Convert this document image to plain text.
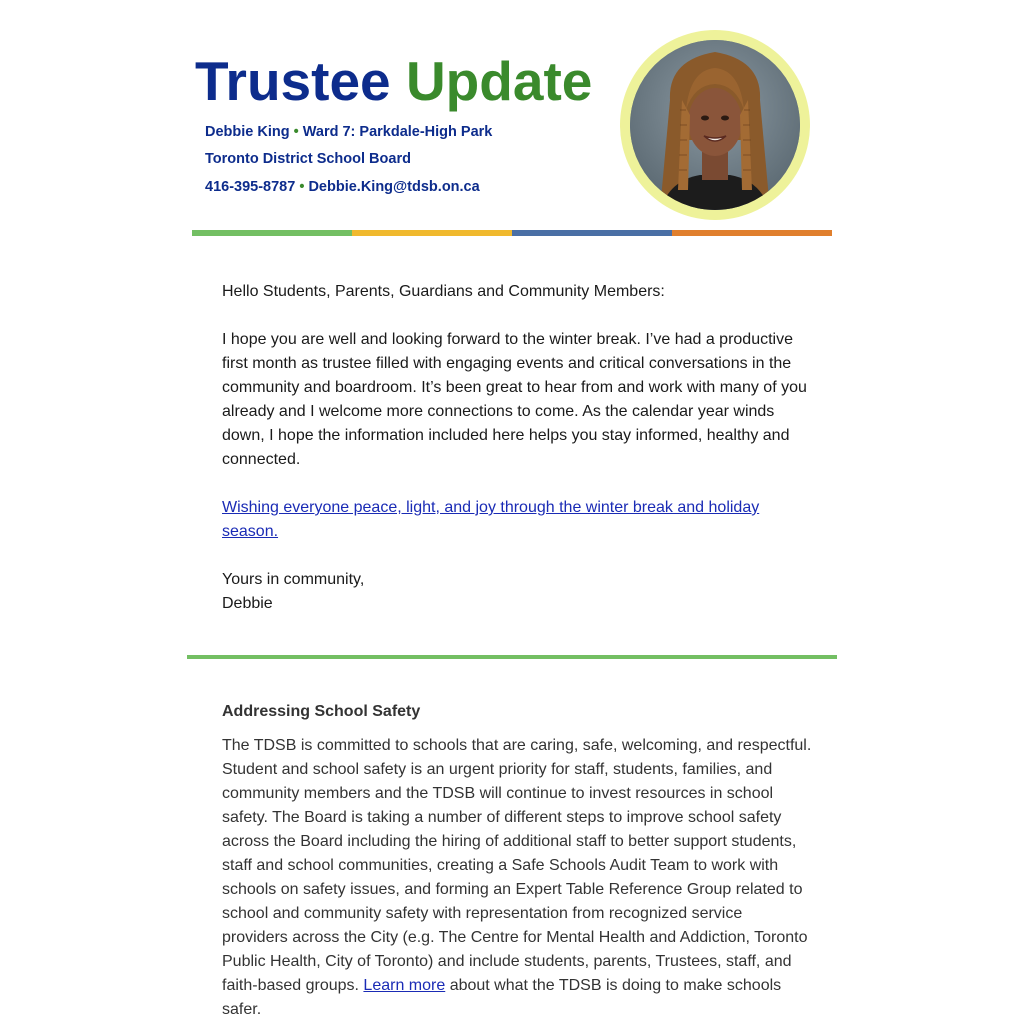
Trustee Update
Debbie King • Ward 7: Parkdale-High Park
Toronto District School Board
416-395-8787 • Debbie.King@tdsb.on.ca
Hello Students, Parents, Guardians and Community Members:
I hope you are well and looking forward to the winter break. I’ve had a productive first month as trustee filled with engaging events and critical conversations in the community and boardroom. It’s been great to hear from and work with many of you already and I welcome more connections to come. As the calendar year winds down, I hope the information included here helps you stay informed, healthy and connected.
Wishing everyone peace, light, and joy through the winter break and holiday season.
Yours in community,
Debbie
Addressing School Safety
The TDSB is committed to schools that are caring, safe, welcoming, and respectful. Student and school safety is an urgent priority for staff, students, families, and community members and the TDSB will continue to invest resources in school safety. The Board is taking a number of different steps to improve school safety across the Board including the hiring of additional staff to better support students, staff and school communities, creating a Safe Schools Audit Team to work with schools on safety issues, and forming an Expert Table Reference Group related to school and community safety with representation from recognized service providers across the City (e.g. The Centre for Mental Health and Addiction, Toronto Public Health, City of Toronto) and include students, parents, Trustees, staff, and faith-based groups. Learn more about what the TDSB is doing to make schools safer.
